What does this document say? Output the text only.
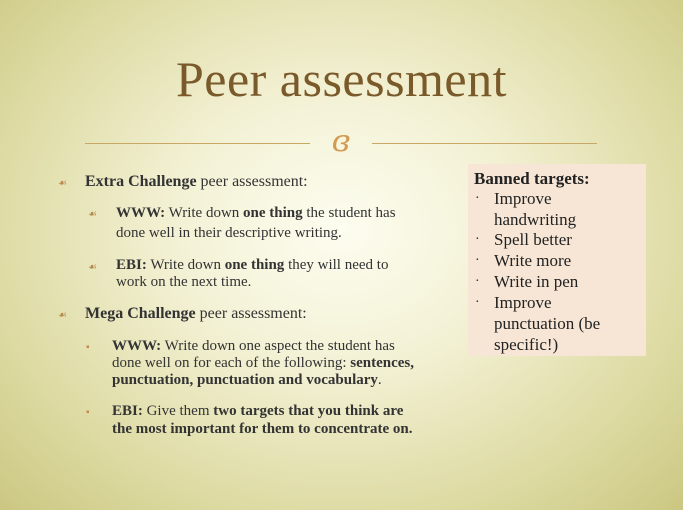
Peer assessment
ɞ
☙ Extra Challenge peer assessment:
☙ WWW: Write down one thing the student has
done well in their descriptive writing.
☙ EBI: Write down one thing they will need to
work on the next time.
☙ Mega Challenge peer assessment:
▪ WWW: Write down one aspect the student has
done well on for each of the following: sentences,
punctuation, punctuation and vocabulary.
▪ EBI: Give them two targets that you think are
the most important for them to concentrate on.
Banned targets:
· Improve
handwriting
· Spell better
· Write more
· Write in pen
· Improve
punctuation (be
specific!)
